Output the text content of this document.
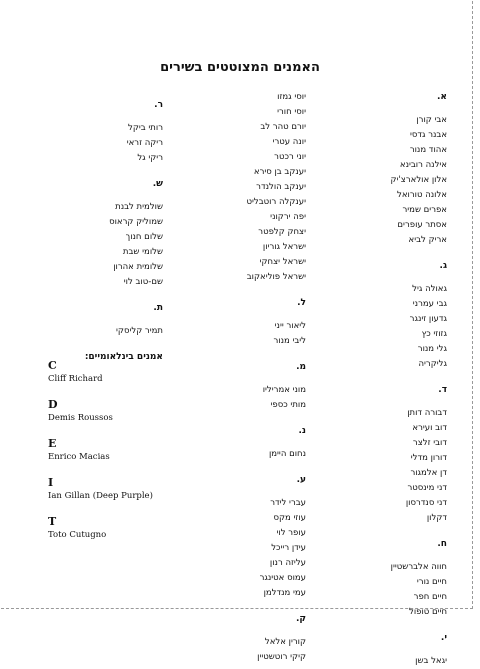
האמנים המצוטטים בשירים
א.
אבי קורן
אבנר גדסי
אהוד מנור
אילנה רובינא
אלון אולארצ'יק
אלונה טורואל
אפרים שמיר
אסתר עופרים
אריק לביא
ג.
גאולה גיל
גבי עמרני
גדעון זינגר
גזוזי כץ
גלי מנור
גליקריה
ד.
דבורה דותן
דוב ועירא
דובי זלצר
דורון מדלי
דן אלמגור
דני מינסטר
דני סנדרסון
דקלון
ח.
חווה אלברשטיין
חיים נורי
חיים חפר
חיים טופול
י.
יגאל בשן
יוסי גמזו
יוסי חורי
יורם טהר לב
יונה עטרי
יוני רכטר
יענקב בן סירא
יענקב הולנדר
יענקלה רוטבליט
יפה ירקוני
יצחק קלפטר
ישראל גוריון
ישראל יצחקי
ישראל פוליאקוב
ל.
ליאור ייני
ליבי מנור
מ.
מוני אמריליו
מותי כספי
נ.
נחום היימן
ע.
עברי לידר
עוזי מקס
עופר לוי
עידן רייכל
עליזה רנון
עמוס אטינגר
עמי מנדלמן
ק.
קורין אלאל
קיקי רוטשטיין
ר.
רותי ביקל
ריקה זראי
ריקי גל
ש.
שולמית לבנת
שמוליק קראוס
שלום חנוך
שלומי שבת
שלומית אהרון
שם-טוב לוי
ת.
תמיר קליסקי
אמנים בינלאומיים:
C
Cliff Richard
D
Demis Roussos
E
Enrico Macias
I
Ian Gillan (Deep Purple)
T
Toto Cutugno
